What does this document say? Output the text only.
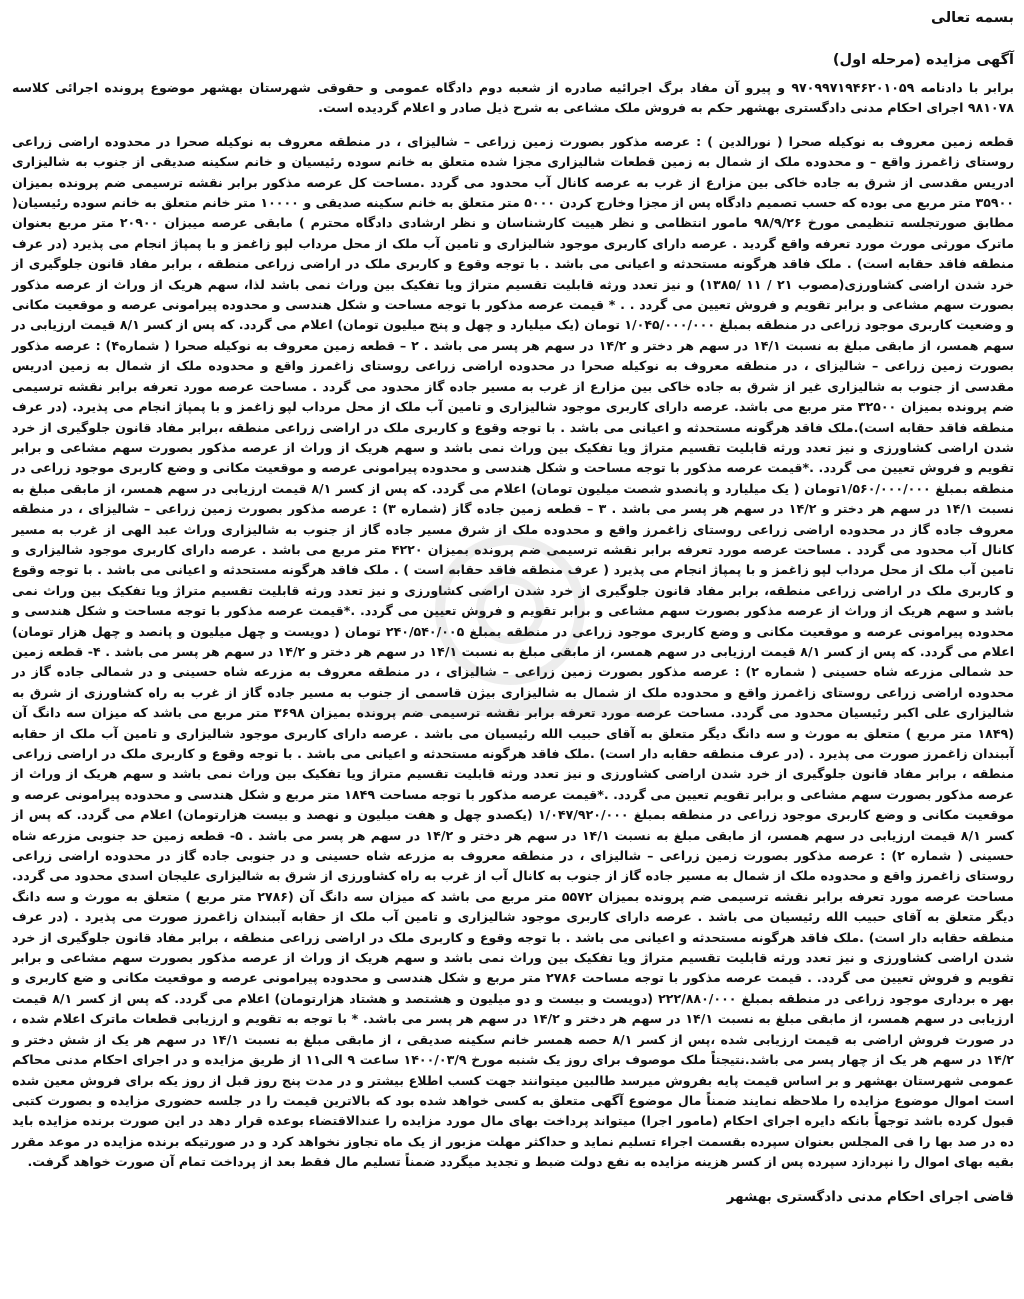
بسمه تعالی
آگهی مزایده (مرحله اول)

برابر با دادنامه ۹۷۰۹۹۷۱۹۴۶۲۰۱۰۵۹ و پیرو آن مفاد برگ اجرائیه صادره از شعبه دوم دادگاه عمومی و حقوقی شهرستان بهشهر موضوع پرونده اجرائی کلاسه ۹۸۱۰۷۸ اجرای احکام مدنی دادگستری بهشهر حکم به فروش ملک مشاعی به شرح ذیل صادر و اعلام گردیده است.

قطعه زمین معروف به نوکیله صحرا ( نورالدین ) : عرصه مذکور بصورت زمین زراعی – شالیزای ، در منطقه معروف به نوکیله صحرا در محدوده اراضی زراعی روستای زاغمرز واقع – و محدوده ملک از شمال به زمین قطعات شالیزاری مجزا شده متعلق به خانم سوده رئیسیان و خانم سکینه صدیقی از جنوب به شالیزاری ادریس مقدسی از شرق به جاده خاکی بین مزارع از غرب به عرصه کانال آب محدود می گردد .مساحت کل عرصه مذکور برابر نقشه ترسیمی ضم پرونده بمیزان ۳۵۹۰۰ متر مربع می بوده که حسب تصمیم دادگاه پس از مجزا وخارج کردن ۵۰۰۰ متر متعلق به خانم سکینه صدیقی و ۱۰۰۰۰ متر خانم متعلق به خانم سوده رئیسیان( مطابق صورتجلسه تنظیمی مورخ ۹۸/۹/۲۶ مامور انتظامی و نظر هییت کارشناسان و نظر ارشادی دادگاه محترم ) مابقی عرصه میبزان ۲۰۹۰۰ متر مربع بعنوان ماترک مورثی مورث مورد تعرفه واقع گردید . عرصه دارای کاربری موجود شالیزاری و تامین آب ملک از محل مرداب لپو زاغمز و با پمپاژ انجام می پذیرد (در عرف منطقه فاقد حقابه است) . ملک فاقد هرگونه مستحدثه و اعیانی می باشد . با توجه وقوع و کاربری ملک در اراضی زراعی منطقه ، برابر مفاد قانون جلوگیری از خرد شدن اراضی کشاورزی(مصوب ۲۱ / ۱۱ /۱۳۸۵) و نیز تعدد ورثه قابلیت تقسیم متراژ ویا تفکیک بین وراث نمی باشد لذا، سهم هریک از وراث از عرصه مذکور بصورت سهم مشاعی و برابر تقویم و فروش تعیین می گردد . . * قیمت عرصه مذکور با توجه مساحت و شکل هندسی و محدوده پیرامونی عرصه و موقعیت مکانی و وضعیت کاربری موجود زراعی در منطقه بمبلغ ۱/۰۴۵/۰۰۰/۰۰۰ تومان (یک میلیارد و چهل و پنج میلیون تومان) اعلام می گردد. که پس از کسر ۸/۱ قیمت ارزیابی در سهم همسر، از مابقی مبلغ به نسبت ۱۴/۱ در سهم هر دختر و ۱۴/۲ در سهم هر پسر می باشد . ۲ – قطعه زمین معروف به نوکیله صحرا ( شماره۴) : عرصه مذکور بصورت زمین زراعی – شالیزای ، در منطقه معروف به نوکیله صحرا در محدوده اراضی زراعی روستای زاغمرز واقع و محدوده ملک از شمال به زمین ادریس مقدسی از جنوب به شالیزاری غیر از شرق به جاده خاکی بین مزارع از غرب به مسیر جاده گاز محدود می گردد . مساحت عرصه مورد تعرفه برابر نقشه ترسیمی ضم پرونده بمیزان ۳۲۵۰۰ متر مربع می باشد. عرصه دارای کاربری موجود شالیزاری و تامین آب ملک از محل مرداب لپو زاغمز و با پمپاژ انجام می پذیرد. (در عرف منطقه فاقد حقابه است).ملک فاقد هرگونه مستحدثه و اعیانی می باشد . با توجه وقوع و کاربری ملک در اراضی زراعی منطقه ،برابر مفاد قانون جلوگیری از خرد شدن اراضی کشاورزی و نیز تعدد ورثه قابلیت تقسیم متراژ ویا تفکیک بین وراث نمی باشد و سهم هریک از وراث از عرصه مذکور بصورت سهم مشاعی و برابر تقویم و فروش تعیین می گردد. .*قیمت عرصه مذکور با توجه مساحت و شکل هندسی و محدوده پیرامونی عرصه و موقعیت مکانی و وضع کاربری موجود زراعی در منطقه بمبلغ ۱/۵۶۰/۰۰۰/۰۰۰تومان ( یک میلیارد و پانصدو شصت میلیون تومان) اعلام می گردد. که پس از کسر ۸/۱ قیمت ارزیابی در سهم همسر، از مابقی مبلغ به نسبت ۱۴/۱ در سهم هر دختر و ۱۴/۲ در سهم هر پسر می باشد . ۳ – قطعه زمین جاده گاز (شماره ۳) : عرصه مذکور بصورت زمین زراعی – شالیزای ، در منطقه معروف جاده گاز در محدوده اراضی زراعی روستای زاغمرز واقع و محدوده ملک از شرق مسیر جاده گاز از جنوب به شالیزاری وراث عبد الهی از غرب به مسیر کانال آب محدود می گردد . مساحت عرصه مورد تعرفه برابر نقشه ترسیمی ضم پرونده بمیزان ۴۲۲۰ متر مربع می باشد . عرصه دارای کاربری موجود شالیزاری و تامین آب ملک از محل مرداب لپو زاغمز و با پمپاژ انجام می پذیرد ( عرف منطقه فاقد حقابه است ) . ملک فاقد هرگونه مستحدثه و اعیانی می باشد . با توجه وقوع و کاربری ملک در اراضی زراعی منطقه، برابر مفاد قانون جلوگیری از خرد شدن اراضی کشاورزی و نیز تعدد ورثه قابلیت تقسیم متراژ ویا تفکیک بین وراث نمی باشد و سهم هریک از وراث از عرصه مذکور بصورت سهم مشاعی و برابر تقویم و فروش تعیین می گردد. .*قیمت عرصه مذکور با توجه مساحت و شکل هندسی و محدوده پیرامونی عرصه و موقعیت مکانی و وضع کاربری موجود زراعی در منطقه بمبلغ ۲۴۰/۵۴۰/۰۰۵ تومان ( دویست و چهل میلیون و پانصد و چهل هزار تومان) اعلام می گردد. که پس از کسر ۸/۱ قیمت ارزیابی در سهم همسر، از مابقی مبلغ به نسبت ۱۴/۱ در سهم هر دختر و ۱۴/۲ در سهم هر پسر می باشد . ۴- قطعه زمین حد شمالی مزرعه شاه حسینی ( شماره ۲) : عرصه مذکور بصورت زمین زراعی – شالیزای ، در منطقه معروف به مزرعه شاه حسینی و در شمالی جاده گاز در محدوده اراضی زراعی روستای زاغمرز واقع و محدوده ملک از شمال به شالیزاری بیژن قاسمی از جنوب به مسیر جاده گاز از غرب به راه کشاورزی از شرق به شالیزاری علی اکبر رئیسیان محدود می گردد. مساحت عرصه مورد تعرفه برابر نقشه ترسیمی ضم پرونده بمیزان ۳۶۹۸ متر مربع می باشد که میزان سه دانگ آن (۱۸۴۹ متر مربع ) متعلق به مورث و سه دانگ دیگر متعلق به آقای حبیب الله رئیسیان می باشد . عرصه دارای کاربری موجود شالیزاری و تامین آب ملک از حقابه آببندان زاغمرز صورت می پذیرد . (در عرف منطقه حقابه دار است) .ملک فاقد هرگونه مستحدثه و اعیانی می باشد . با توجه وقوع و کاربری ملک در اراضی زراعی منطقه ، برابر مفاد قانون جلوگیری از خرد شدن اراضی کشاورزی و نیز تعدد ورثه قابلیت تقسیم متراژ ویا تفکیک بین وراث نمی باشد و سهم هریک از وراث از عرصه مذکور بصورت سهم مشاعی و برابر تقویم تعیین می گردد. .*قیمت عرصه مذکور با توجه مساحت ۱۸۴۹ متر مربع و شکل هندسی و محدوده پیرامونی عرصه و موقعیت مکانی و وضع کاربری موجود زراعی در منطقه بمبلغ ۱/۰۴۷/۹۲۰/۰۰۰ (یکصدو چهل و هفت میلیون و نهصد و بیست هزارتومان) اعلام می گردد. که پس از کسر ۸/۱ قیمت ارزیابی در سهم همسر، از مابقی مبلغ به نسبت ۱۴/۱ در سهم هر دختر و ۱۴/۲ در سهم هر پسر می باشد . ۵- قطعه زمین حد جنوبی مزرعه شاه حسینی ( شماره ۲) : عرصه مذکور بصورت زمین زراعی – شالیزای ، در منطقه معروف به مزرعه شاه حسینی و در جنوبی جاده گاز در محدوده اراضی زراعی روستای زاغمرز واقع و محدوده ملک از شمال به مسیر جاده گاز از جنوب به کانال آب از غرب به راه کشاورزی از شرق به شالیزاری علیجان اسدی محدود می گردد. مساحت عرصه مورد تعرفه برابر نقشه ترسیمی ضم پرونده بمیزان ۵۵۷۲ متر مربع می باشد که میزان سه دانگ آن (۲۷۸۶ متر مربع ) متعلق به مورث و سه دانگ دیگر متعلق به آقای حبیب الله رئیسیان می باشد . عرصه دارای کاربری موجود شالیزاری و تامین آب ملک از حقابه آببندان زاغمرز صورت می پذیرد . (در عرف منطقه حقابه دار است) .ملک فاقد هرگونه مستحدثه و اعیانی می باشد . با توجه وقوع و کاربری ملک در اراضی زراعی منطقه ، برابر مفاد قانون جلوگیری از خرد شدن اراضی کشاورزی و نیز تعدد ورثه قابلیت تقسیم متراژ ویا تفکیک بین وراث نمی باشد و سهم هریک از وراث از عرصه مذکور بصورت سهم مشاعی و برابر تقویم و فروش تعیین می گردد. . قیمت عرصه مذکور با توجه مساحت ۲۷۸۶ متر مربع و شکل هندسی و محدوده پیرامونی عرصه و موقعیت مکانی و ضع کاربری و بهر ه برداری موجود زراعی در منطقه بمبلغ ۲۲۲/۸۸۰/۰۰۰ (دویست و بیست و دو میلیون و هشتصد و هشتاد هزارتومان) اعلام می گردد. که پس از کسر ۸/۱ قیمت ارزیابی در سهم همسر، از مابقی مبلغ به نسبت ۱۴/۱ در سهم هر دختر و ۱۴/۲ در سهم هر پسر می باشد. * با توجه به تقویم و ارزیابی قطعات ماترک اعلام شده ، در صورت فروش اراضی به قیمت ارزیابی شده ،پس از کسر ۸/۱ حصه همسر خانم سکینه صدیقی ، از مابقی مبلغ به نسبت ۱۴/۱ در سهم هر یک از شش دختر و ۱۴/۲ در سهم هر یک از چهار پسر می باشد.نتیجتاً ملک موصوف برای روز یک شنبه مورخ ۱۴۰۰/۰۳/۹ ساعت ۹ الی۱۱ از طریق مزایده و در اجرای احکام مدنی محاکم عمومی شهرستان بهشهر و بر اساس قیمت پایه بفروش میرسد طالبین میتوانند جهت کسب اطلاع بیشتر و در مدت پنج روز قبل از روز یکه برای فروش معین شده است اموال موضوع مزایده را ملاحظه نمایند ضمناً مال موضوع آگهی متعلق به کسی خواهد شده بود که بالاترین قیمت را در جلسه حضوری مزایده و بصورت کتبی قبول کرده باشد توجهاً بانکه دایره اجرای احکام (مامور اجرا) میتواند پرداخت بهای مال مورد مزایده را عندالاقتضاء بوعده قرار دهد در این صورت برنده مزایده باید ده در صد بها را فی المجلس بعنوان سپرده بقسمت اجراء تسلیم نماید و حداکثر مهلت مزبور از یک ماه تجاوز نخواهد کرد و در صورتیکه برنده مزایده در موعد مقرر بقیه بهای اموال را نپردازد سپرده پس از کسر هزینه مزایده به نفع دولت ضبط و تجدید میگردد ضمناً تسلیم مال فقط بعد از پرداخت تمام آن صورت خواهد گرفت.

قاضی اجرای احکام مدنی دادگستری بهشهر
